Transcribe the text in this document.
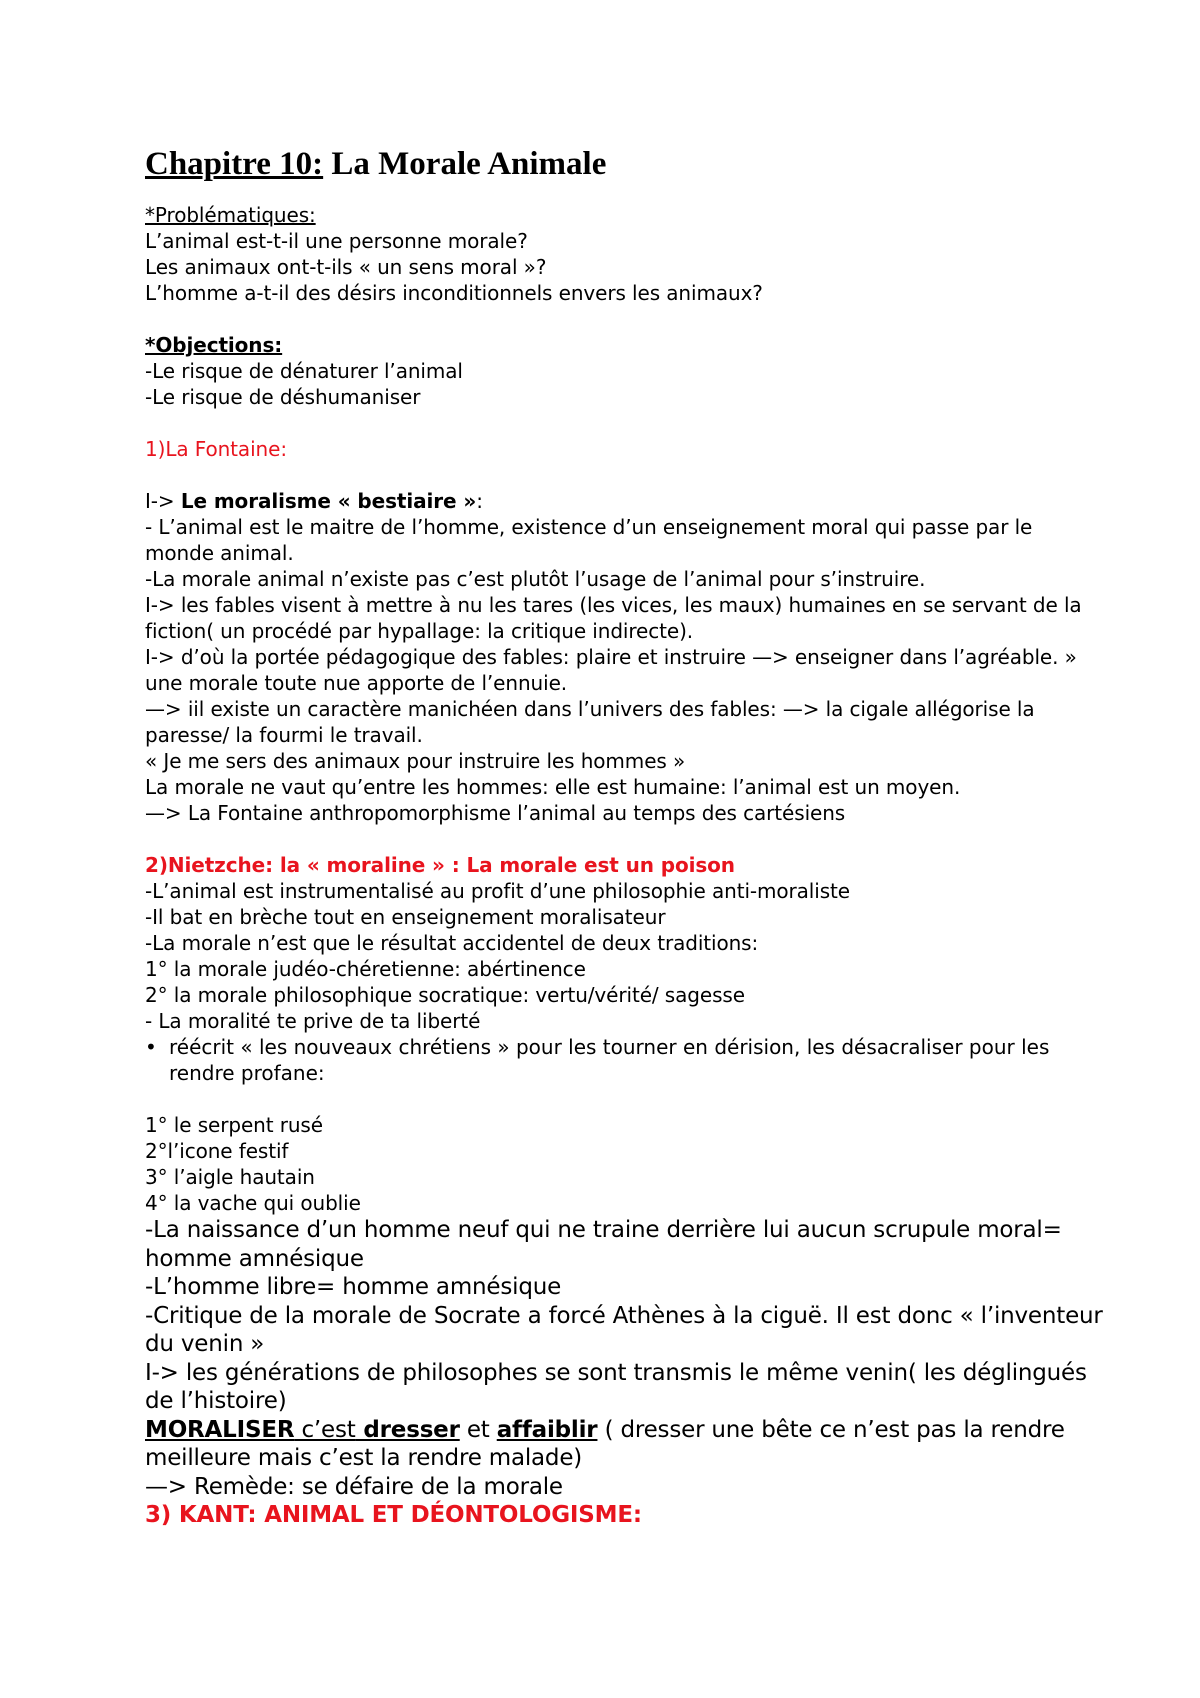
Chapitre 10: La Morale Animale

*Problématiques:

L’animal est-t-il une personne morale?

Les animaux ont-t-ils « un sens moral »?

L’homme a-t-il des désirs inconditionnels envers les animaux?

*Objections:

-Le risque de dénaturer l’animal

-Le risque de déshumaniser

1)La Fontaine:

I-> Le moralisme « bestiaire »:

- L’animal est le maitre de l’homme, existence d’un enseignement moral qui passe par le monde animal.

-La morale animal n’existe pas c’est plutôt l’usage de l’animal pour s’instruire.

I-> les fables visent à mettre à nu les tares (les vices, les maux) humaines en se servant de la fiction( un procédé par hypallage: la critique indirecte).

I-> d’où la portée pédagogique des fables: plaire et instruire —> enseigner dans l’agréable. » une morale toute nue apporte de l’ennuie.

—> iil existe un caractère manichéen dans l’univers des fables: —> la cigale allégorise la paresse/ la fourmi le travail.

« Je me sers des animaux pour instruire les hommes »

La morale ne vaut qu’entre les hommes: elle est humaine: l’animal est un moyen.

—> La Fontaine anthropomorphisme l’animal au temps des cartésiens

2)Nietzche: la « moraline » : La morale est un poison

-L’animal est instrumentalisé au profit d’une philosophie anti-moraliste

-Il bat en brèche tout en enseignement moralisateur

-La morale n’est que le résultat accidentel de deux traditions:

1° la morale judéo-chéretienne: abértinence

2° la morale philosophique socratique: vertu/vérité/ sagesse

- La moralité te prive de ta liberté

• réécrit « les nouveaux chrétiens » pour les tourner en dérision, les désacraliser pour les rendre profane:

1° le serpent rusé

2°l’icone festif

3° l’aigle hautain

4° la vache qui oublie

-La naissance d’un homme neuf qui ne traine derrière lui aucun scrupule moral= homme amnésique

-L’homme libre= homme amnésique

-Critique de la morale de Socrate a forcé Athènes à la ciguë. Il est donc « l’inventeur du venin »

I-> les générations de philosophes se sont transmis le même venin( les déglingués de l’histoire)

MORALISER c’est dresser et affaiblir ( dresser une bête ce n’est pas la rendre meilleure mais c’est la rendre malade)

—> Remède: se défaire de la morale

3) KANT: ANIMAL ET DÉONTOLOGISME:
